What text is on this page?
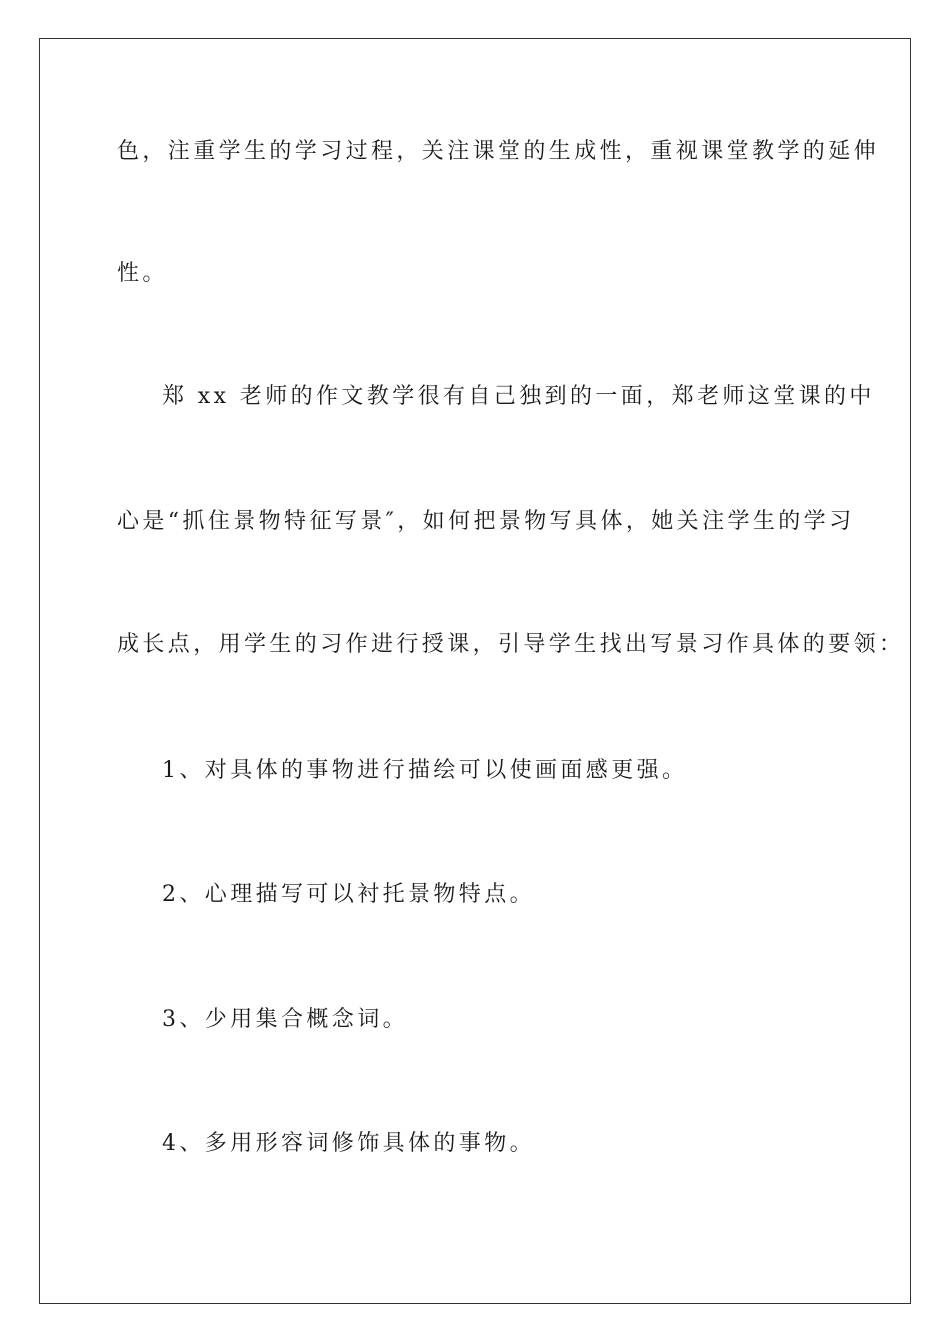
色，注重学生的学习过程，关注课堂的生成性，重视课堂教学的延伸
性。
郑 xx 老师的作文教学很有自己独到的一面，郑老师这堂课的中
心是“抓住景物特征写景″，如何把景物写具体，她关注学生的学习
成长点，用学生的习作进行授课，引导学生找出写景习作具体的要领：
1、对具体的事物进行描绘可以使画面感更强。
2、心理描写可以衬托景物特点。
3、少用集合概念词。
4、多用形容词修饰具体的事物。
